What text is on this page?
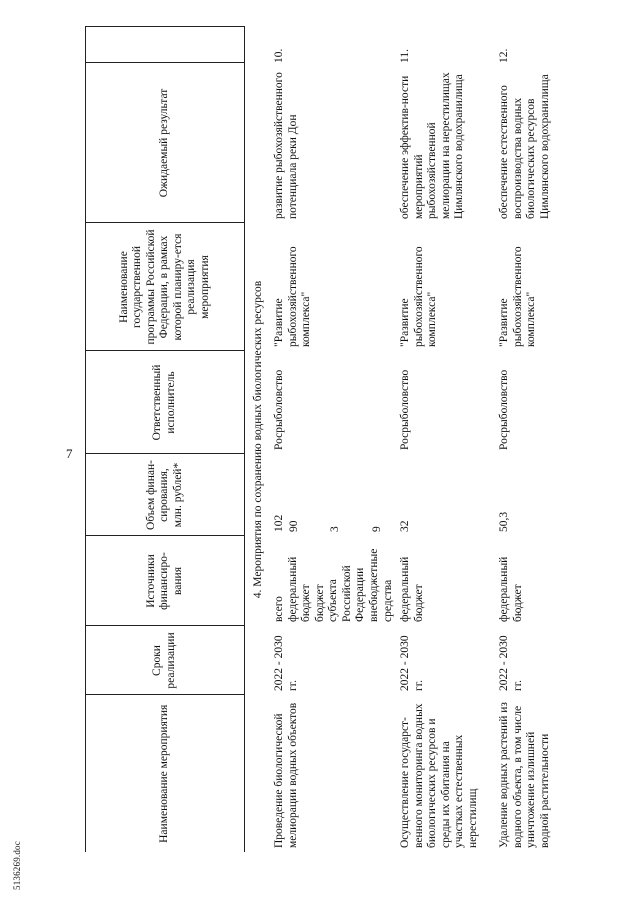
7
5136269.doc
Наименование мероприятия	Сроки реализации	Источники финансиро-вания	Объем финан-сирования, млн. рублей*	Ответственный исполнитель	Наименование государственной программы Российской Федерации, в рамках которой планиру-ется реализация мероприятия	Ожидаемый результат	
4. Мероприятия по сохранению водных биологических ресурсов							
Проведение биологической мелиорации водных объектов	2022 - 2030 гг.	всего федеральный бюджет бюджет субъекта Российской Федерации внебюджетные средства	102 90 3 9	Росрыболовство	"Развитие рыбохозяйственного комплекса"	развитие рыбохозяйственного потенциала реки Дон	10.
Осуществление государст-венного мониторинга водных биологических ресурсов и среды их обитания на участках естественных нерестилищ	2022 - 2030 гг.	федеральный бюджет	32	Росрыболовство	"Развитие рыбохозяйственного комплекса"	обеспечение эффектив-ности мероприятий рыбохозяйственной мелиорации на нерестилищах Цимлянского водохранилища	11.
Удаление водных растений из водного объекта, в том числе уничтожение излишней водной растительности	2022 - 2030 гг.	федеральный бюджет	50,3	Росрыболовство	"Развитие рыбохозяйственного комплекса"	обеспечение естественного воспроизводства водных биологических ресурсов Цимлянского водохранилища	12.
